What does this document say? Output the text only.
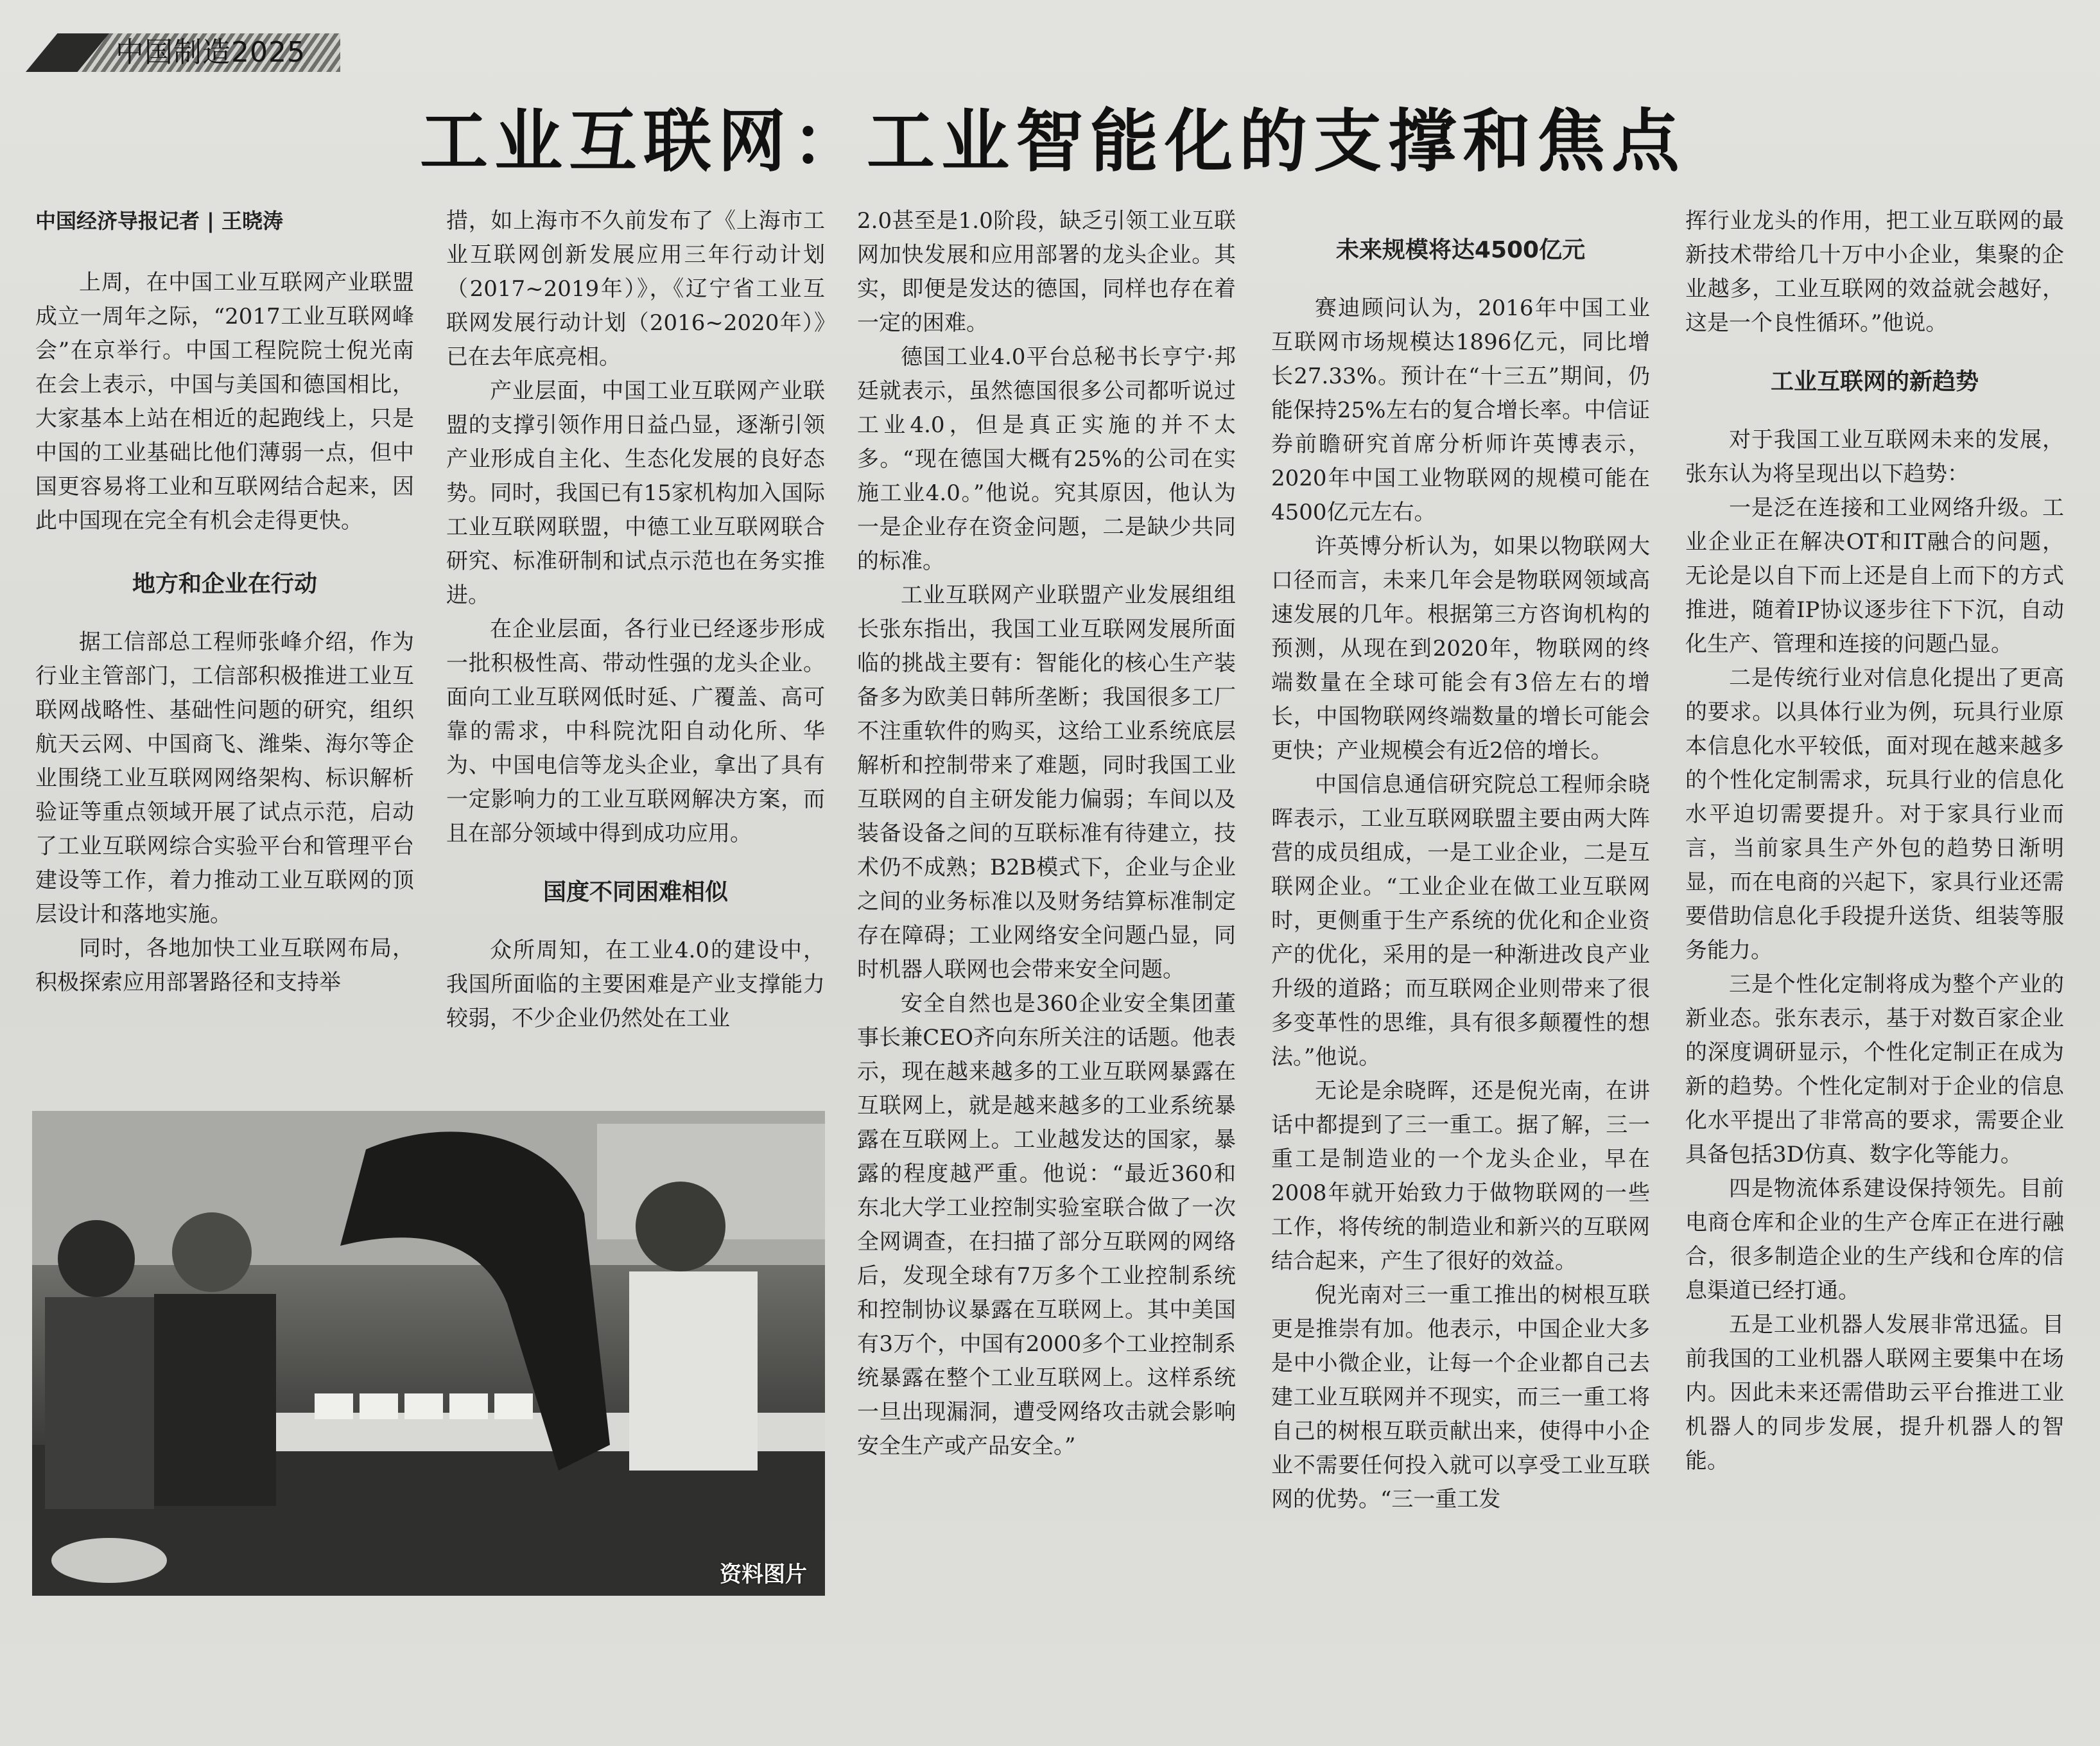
中国制造2025
工业互联网：工业智能化的支撑和焦点

中国经济导报记者 | 王晓涛

上周，在中国工业互联网产业联盟成立一周年之际，“2017工业互联网峰会”在京举行。中国工程院院士倪光南在会上表示，中国与美国和德国相比，大家基本上站在相近的起跑线上，只是中国的工业基础比他们薄弱一点，但中国更容易将工业和互联网结合起来，因此中国现在完全有机会走得更快。

地方和企业在行动

据工信部总工程师张峰介绍，作为行业主管部门，工信部积极推进工业互联网战略性、基础性问题的研究，组织航天云网、中国商飞、潍柴、海尔等企业围绕工业互联网网络架构、标识解析验证等重点领域开展了试点示范，启动了工业互联网综合实验平台和管理平台建设等工作，着力推动工业互联网的顶层设计和落地实施。

同时，各地加快工业互联网布局，积极探索应用部署路径和支持举

措，如上海市不久前发布了《上海市工业互联网创新发展应用三年行动计划（2017~2019年）》，《辽宁省工业互联网发展行动计划（2016~2020年）》已在去年底亮相。

产业层面，中国工业互联网产业联盟的支撑引领作用日益凸显，逐渐引领产业形成自主化、生态化发展的良好态势。同时，我国已有15家机构加入国际工业互联网联盟，中德工业互联网联合研究、标准研制和试点示范也在务实推进。

在企业层面，各行业已经逐步形成一批积极性高、带动性强的龙头企业。面向工业互联网低时延、广覆盖、高可靠的需求，中科院沈阳自动化所、华为、中国电信等龙头企业，拿出了具有一定影响力的工业互联网解决方案，而且在部分领域中得到成功应用。

国度不同困难相似

众所周知，在工业4.0的建设中，我国所面临的主要困难是产业支撑能力较弱，不少企业仍然处在工业

2.0甚至是1.0阶段，缺乏引领工业互联网加快发展和应用部署的龙头企业。其实，即便是发达的德国，同样也存在着一定的困难。

德国工业4.0平台总秘书长亨宁·邦廷就表示，虽然德国很多公司都听说过工业4.0，但是真正实施的并不太多。“现在德国大概有25%的公司在实施工业4.0。”他说。究其原因，他认为一是企业存在资金问题，二是缺少共同的标准。

工业互联网产业联盟产业发展组组长张东指出，我国工业互联网发展所面临的挑战主要有：智能化的核心生产装备多为欧美日韩所垄断；我国很多工厂不注重软件的购买，这给工业系统底层解析和控制带来了难题，同时我国工业互联网的自主研发能力偏弱；车间以及装备设备之间的互联标准有待建立，技术仍不成熟；B2B模式下，企业与企业之间的业务标准以及财务结算标准制定存在障碍；工业网络安全问题凸显，同时机器人联网也会带来安全问题。

安全自然也是360企业安全集团董事长兼CEO齐向东所关注的话题。他表示，现在越来越多的工业互联网暴露在互联网上，就是越来越多的工业系统暴露在互联网上。工业越发达的国家，暴露的程度越严重。他说：“最近360和东北大学工业控制实验室联合做了一次全网调查，在扫描了部分互联网的网络后，发现全球有7万多个工业控制系统和控制协议暴露在互联网上。其中美国有3万个，中国有2000多个工业控制系统暴露在整个工业互联网上。这样系统一旦出现漏洞，遭受网络攻击就会影响安全生产或产品安全。”

未来规模将达4500亿元

赛迪顾问认为，2016年中国工业互联网市场规模达1896亿元，同比增长27.33%。预计在“十三五”期间，仍能保持25%左右的复合增长率。中信证券前瞻研究首席分析师许英博表示，2020年中国工业物联网的规模可能在4500亿元左右。

许英博分析认为，如果以物联网大口径而言，未来几年会是物联网领域高速发展的几年。根据第三方咨询机构的预测，从现在到2020年，物联网的终端数量在全球可能会有3倍左右的增长，中国物联网终端数量的增长可能会更快；产业规模会有近2倍的增长。

中国信息通信研究院总工程师余晓晖表示，工业互联网联盟主要由两大阵营的成员组成，一是工业企业，二是互联网企业。“工业企业在做工业互联网时，更侧重于生产系统的优化和企业资产的优化，采用的是一种渐进改良产业升级的道路；而互联网企业则带来了很多变革性的思维，具有很多颠覆性的想法。”他说。

无论是余晓晖，还是倪光南，在讲话中都提到了三一重工。据了解，三一重工是制造业的一个龙头企业，早在2008年就开始致力于做物联网的一些工作，将传统的制造业和新兴的互联网结合起来，产生了很好的效益。

倪光南对三一重工推出的树根互联更是推崇有加。他表示，中国企业大多是中小微企业，让每一个企业都自己去建工业互联网并不现实，而三一重工将自己的树根互联贡献出来，使得中小企业不需要任何投入就可以享受工业互联网的优势。“三一重工发

挥行业龙头的作用，把工业互联网的最新技术带给几十万中小企业，集聚的企业越多，工业互联网的效益就会越好，这是一个良性循环。”他说。

工业互联网的新趋势

对于我国工业互联网未来的发展，张东认为将呈现出以下趋势：

一是泛在连接和工业网络升级。工业企业正在解决OT和IT融合的问题，无论是以自下而上还是自上而下的方式推进，随着IP协议逐步往下下沉，自动化生产、管理和连接的问题凸显。

二是传统行业对信息化提出了更高的要求。以具体行业为例，玩具行业原本信息化水平较低，面对现在越来越多的个性化定制需求，玩具行业的信息化水平迫切需要提升。对于家具行业而言，当前家具生产外包的趋势日渐明显，而在电商的兴起下，家具行业还需要借助信息化手段提升送货、组装等服务能力。

三是个性化定制将成为整个产业的新业态。张东表示，基于对数百家企业的深度调研显示，个性化定制正在成为新的趋势。个性化定制对于企业的信息化水平提出了非常高的要求，需要企业具备包括3D仿真、数字化等能力。

四是物流体系建设保持领先。目前电商仓库和企业的生产仓库正在进行融合，很多制造企业的生产线和仓库的信息渠道已经打通。

五是工业机器人发展非常迅猛。目前我国的工业机器人联网主要集中在场内。因此未来还需借助云平台推进工业机器人的同步发展，提升机器人的智能。

资料图片
